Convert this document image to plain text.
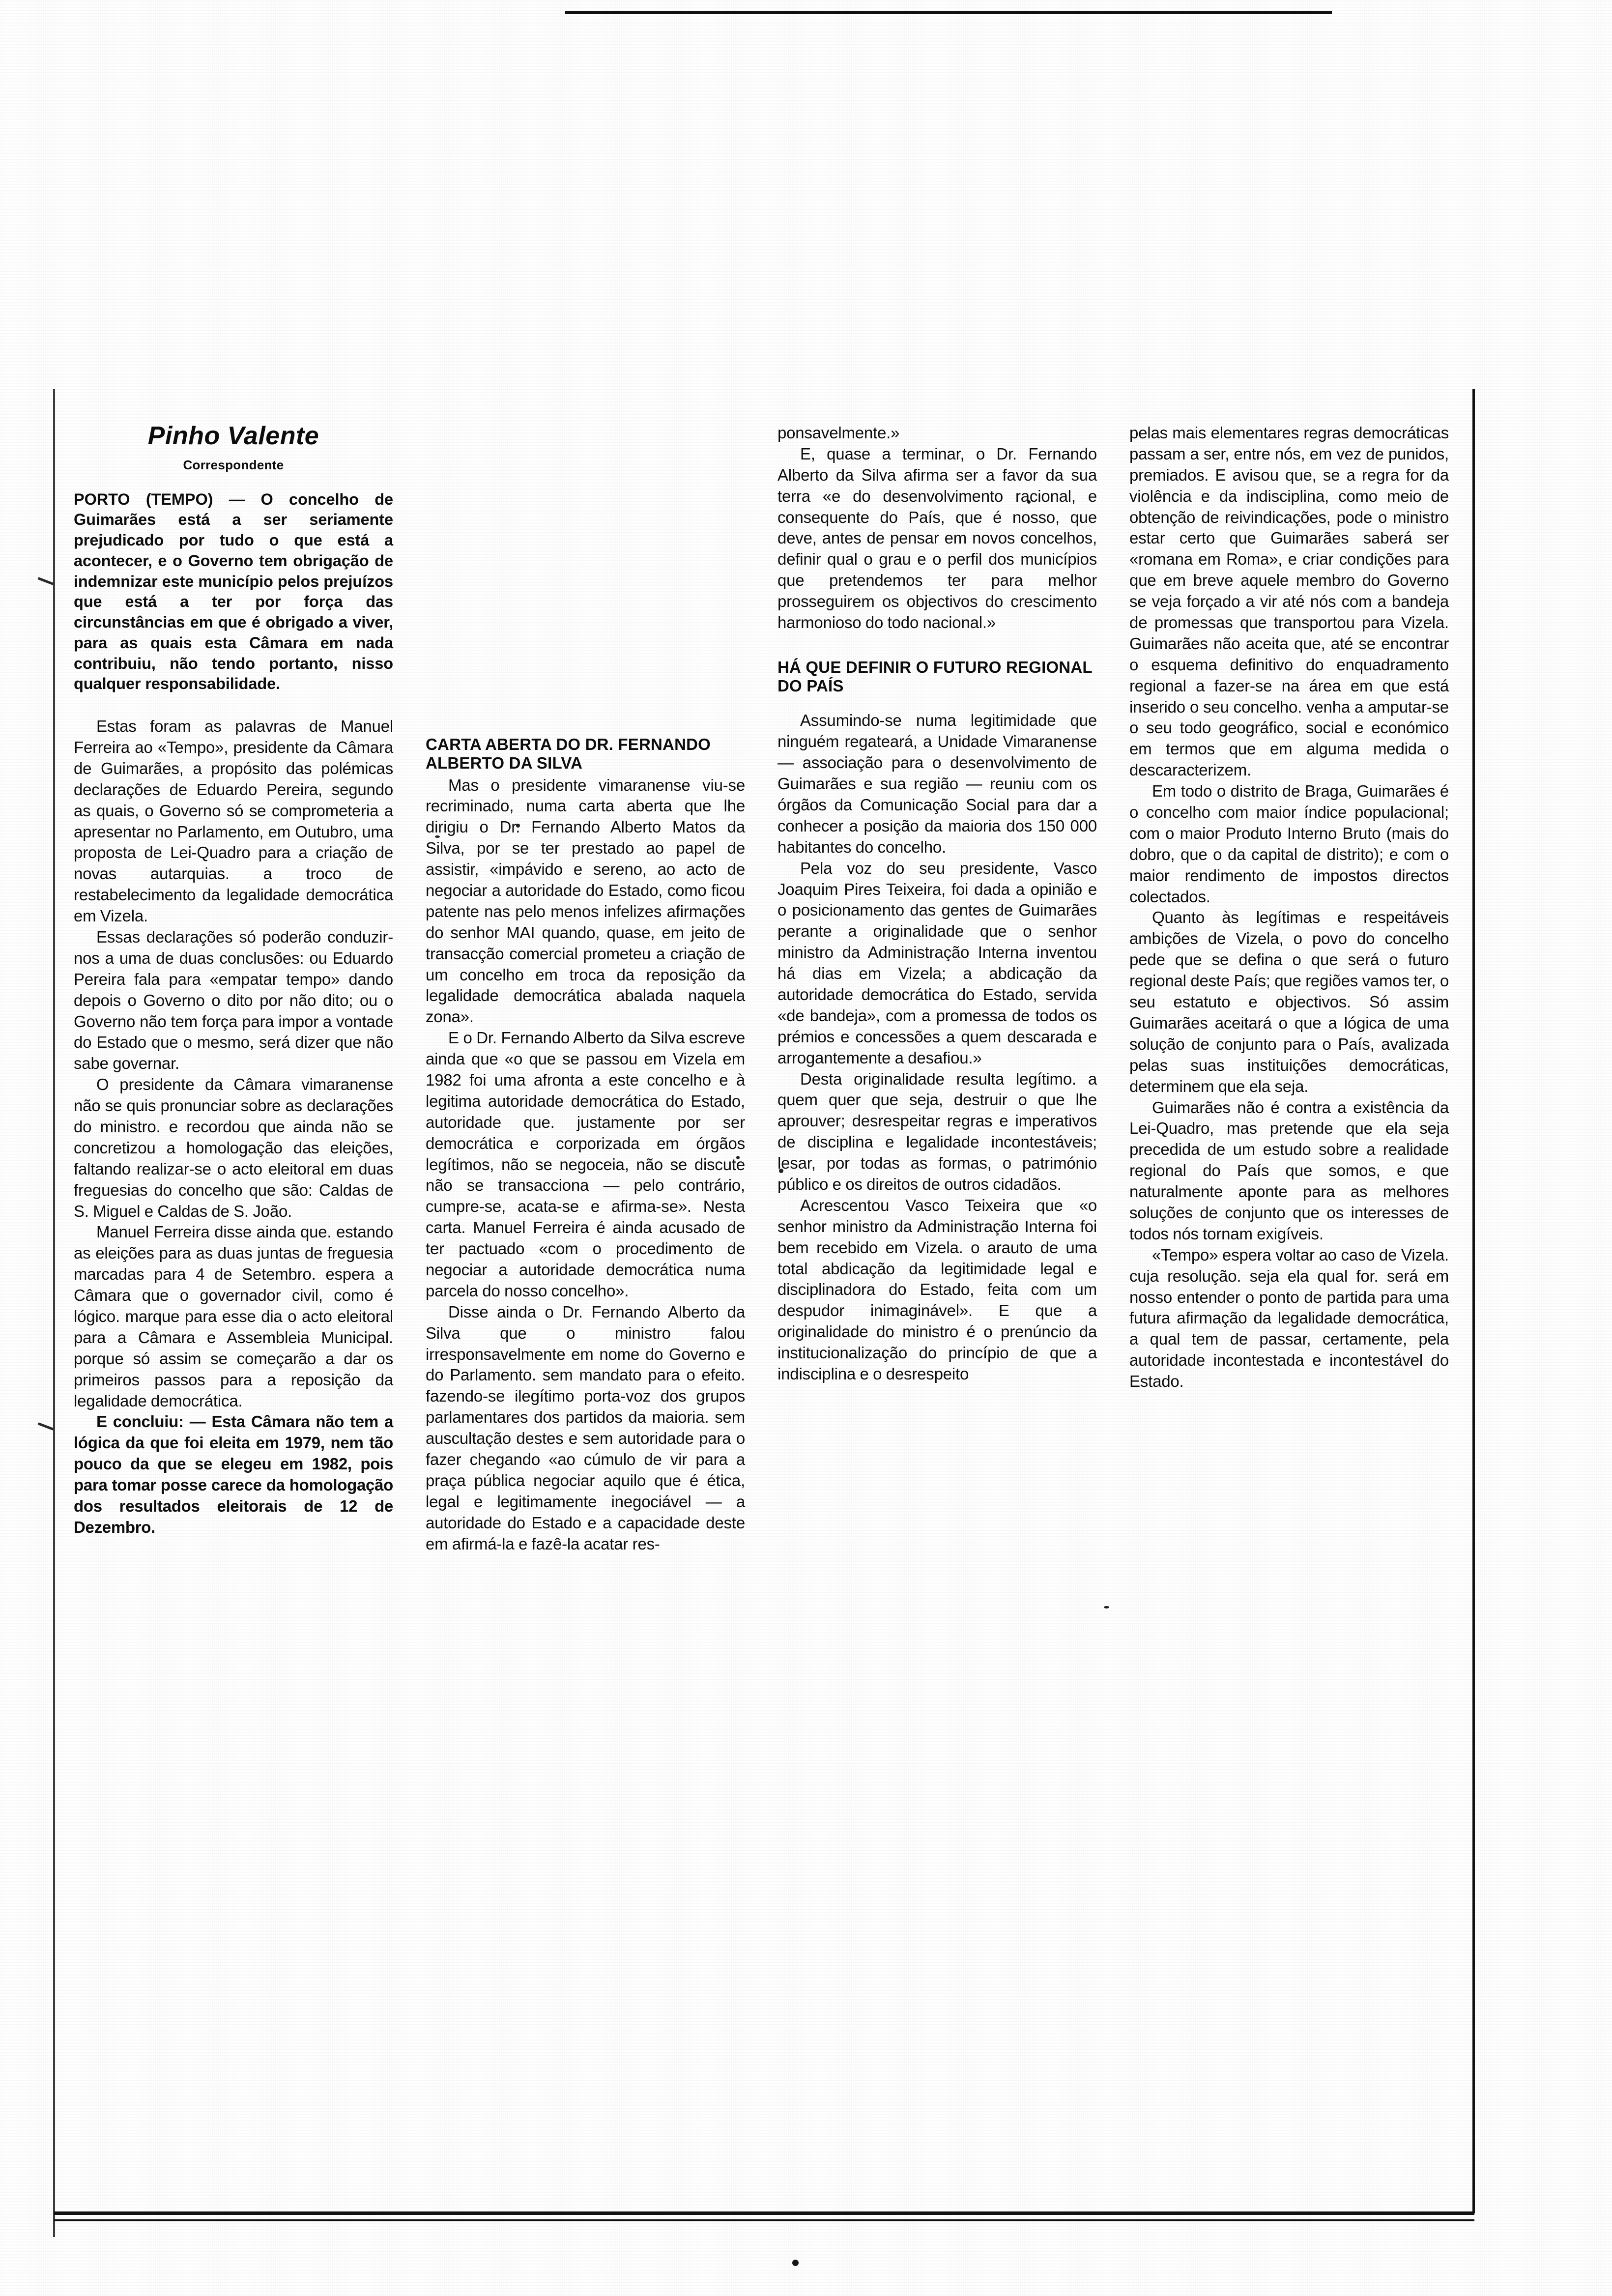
Pinho Valente
Correspondente
PORTO (TEMPO) — O concelho de Guimarães está a ser seriamente prejudicado por tudo o que está a acontecer, e o Governo tem obrigação de indemnizar este município pelos prejuízos que está a ter por força das circunstâncias em que é obrigado a viver, para as quais esta Câmara em nada contribuiu, não tendo portanto, nisso qualquer responsabilidade.

Estas foram as palavras de Manuel Ferreira ao «Tempo», presidente da Câmara de Guimarães, a propósito das polémicas declarações de Eduardo Pereira, segundo as quais, o Governo só se comprometeria a apresentar no Parlamento, em Outubro, uma proposta de Lei-Quadro para a criação de novas autarquias. a troco de restabelecimento da legalidade democrática em Vizela.

Essas declarações só poderão conduzir-nos a uma de duas conclusões: ou Eduardo Pereira fala para «empatar tempo» dando depois o Governo o dito por não dito; ou o Governo não tem força para impor a vontade do Estado que o mesmo, será dizer que não sabe governar.

O presidente da Câmara vimaranense não se quis pronunciar sobre as declarações do ministro. e recordou que ainda não se concretizou a homologação das eleições, faltando realizar-se o acto eleitoral em duas freguesias do concelho que são: Caldas de S. Miguel e Caldas de S. João.

Manuel Ferreira disse ainda que. estando as eleições para as duas juntas de freguesia marcadas para 4 de Setembro. espera a Câmara que o governador civil, como é lógico. marque para esse dia o acto eleitoral para a Câmara e Assembleia Municipal. porque só assim se começarão a dar os primeiros passos para a reposição da legalidade democrática.

E concluiu: — Esta Câmara não tem a lógica da que foi eleita em 1979, nem tão pouco da que se elegeu em 1982, pois para tomar posse carece da homologação dos resultados eleitorais de 12 de Dezembro.

CARTA ABERTA DO DR. FERNANDO ALBERTO DA SILVA

Mas o presidente vimaranense viu-se recriminado, numa carta aberta que lhe dirigiu o Dr. Fernando Alberto Matos da Silva, por se ter prestado ao papel de assistir, «impávido e sereno, ao acto de negociar a autoridade do Estado, como ficou patente nas pelo menos infelizes afirmações do senhor MAI quando, quase, em jeito de transacção comercial prometeu a criação de um concelho em troca da reposição da legalidade democrática abalada naquela zona».

E o Dr. Fernando Alberto da Silva escreve ainda que «o que se passou em Vizela em 1982 foi uma afronta a este concelho e à legitima autoridade democrática do Estado, autoridade que. justamente por ser democrática e corporizada em órgãos legítimos, não se negoceia, não se discute não se transacciona — pelo contrário, cumpre-se, acata-se e afirma-se». Nesta carta. Manuel Ferreira é ainda acusado de ter pactuado «com o procedimento de negociar a autoridade democrática numa parcela do nosso concelho».

Disse ainda o Dr. Fernando Alberto da Silva que o ministro falou irresponsavelmente em nome do Governo e do Parlamento. sem mandato para o efeito. fazendo-se ilegítimo porta-voz dos grupos parlamentares dos partidos da maioria. sem auscultação destes e sem autoridade para o fazer chegando «ao cúmulo de vir para a praça pública negociar aquilo que é ética, legal e legitimamente inegociável — a autoridade do Estado e a capacidade deste em afirmá-la e fazê-la acatar res-

ponsavelmente.»

E, quase a terminar, o Dr. Fernando Alberto da Silva afirma ser a favor da sua terra «e do desenvolvimento racional, e consequente do País, que é nosso, que deve, antes de pensar em novos concelhos, definir qual o grau e o perfil dos municípios que pretendemos ter para melhor prosseguirem os objectivos do crescimento harmonioso do todo nacional.»

HÁ QUE DEFINIR O FUTURO REGIONAL DO PAÍS

Assumindo-se numa legitimidade que ninguém regateará, a Unidade Vimaranense — associação para o desenvolvimento de Guimarães e sua região — reuniu com os órgãos da Comunicação Social para dar a conhecer a posição da maioria dos 150 000 habitantes do concelho.

Pela voz do seu presidente, Vasco Joaquim Pires Teixeira, foi dada a opinião e o posicionamento das gentes de Guimarães perante a originalidade que o senhor ministro da Administração Interna inventou há dias em Vizela; a abdicação da autoridade democrática do Estado, servida «de bandeja», com a promessa de todos os prémios e concessões a quem descarada e arrogantemente a desafiou.»

Desta originalidade resulta legítimo. a quem quer que seja, destruir o que lhe aprouver; desrespeitar regras e imperativos de disciplina e legalidade incontestáveis; lesar, por todas as formas, o património público e os direitos de outros cidadãos.

Acrescentou Vasco Teixeira que «o senhor ministro da Administração Interna foi bem recebido em Vizela. o arauto de uma total abdicação da legitimidade legal e disciplinadora do Estado, feita com um despudor inimaginável». E que a originalidade do ministro é o prenúncio da institucionalização do princípio de que a indisciplina e o desrespeito

pelas mais elementares regras democráticas passam a ser, entre nós, em vez de punidos, premiados. E avisou que, se a regra for da violência e da indisciplina, como meio de obtenção de reivindicações, pode o ministro estar certo que Guimarães saberá ser «romana em Roma», e criar condições para que em breve aquele membro do Governo se veja forçado a vir até nós com a bandeja de promessas que transportou para Vizela. Guimarães não aceita que, até se encontrar o esquema definitivo do enquadramento regional a fazer-se na área em que está inserido o seu concelho. venha a amputar-se o seu todo geográfico, social e económico em termos que em alguma medida o descaracterizem.

Em todo o distrito de Braga, Guimarães é o concelho com maior índice populacional; com o maior Produto Interno Bruto (mais do dobro, que o da capital de distrito); e com o maior rendimento de impostos directos colectados.

Quanto às legítimas e respeitáveis ambições de Vizela, o povo do concelho pede que se defina o que será o futuro regional deste País; que regiões vamos ter, o seu estatuto e objectivos. Só assim Guimarães aceitará o que a lógica de uma solução de conjunto para o País, avalizada pelas suas instituições democráticas, determinem que ela seja.

Guimarães não é contra a existência da Lei-Quadro, mas pretende que ela seja precedida de um estudo sobre a realidade regional do País que somos, e que naturalmente aponte para as melhores soluções de conjunto que os interesses de todos nós tornam exigíveis.

«Tempo» espera voltar ao caso de Vizela. cuja resolução. seja ela qual for. será em nosso entender o ponto de partida para uma futura afirmação da legalidade democrática, a qual tem de passar, certamente, pela autoridade incontestada e incontestável do Estado.
